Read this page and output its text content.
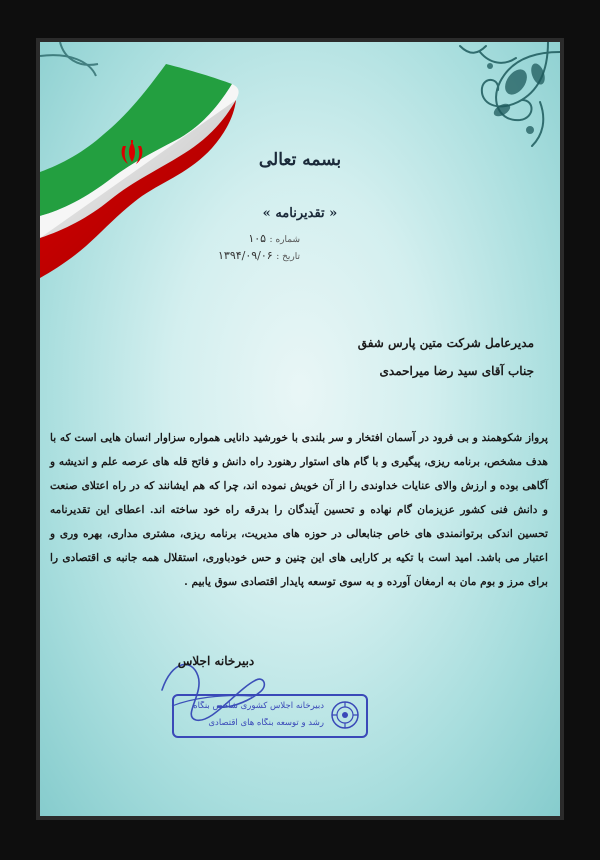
بسمه تعالی
« تقدیرنامه »
شماره : ۱۰۵
تاریخ : ۱۳۹۴/۰۹/۰۶
مدیرعامل شرکت متین پارس شفق
جناب آقای سید رضا میراحمدی
پرواز شکوهمند و بی فرود در آسمان افتخار و سر بلندی با خورشید دانایی همواره سزاوار انسان هایی است که با هدف مشخص، برنامه ریزی، پیگیری و با گام های استوار رهنورد راه دانش و فاتح قله های عرصه علم و اندیشه و آگاهی بوده و ارزش والای عنایات خداوندی را از آن خویش نموده اند، چرا که هم ایشانند که در راه اعتلای صنعت و دانش فنی کشور عزیزمان گام نهاده و تحسین آیندگان را بدرقه راه خود ساخته اند. اعطای این تقدیرنامه تحسین اندکی برتوانمندی های خاص جنابعالی در حوزه های مدیریت، برنامه ریزی، مشتری مداری، بهره وری و اعتبار می باشد. امید است با تکیه بر کارایی های این چنین و حس خودباوری، استقلال همه جانبه ی اقتصادی را برای مرز و بوم مان به ارمغان آورده و به سوی توسعه پایدار اقتصادی سوق یابیم .
دبیرخانه اجلاس
دبیرخانه اجلاس کشوری شاخص بنگاه
رشد و توسعه بنگاه های اقتصادی
